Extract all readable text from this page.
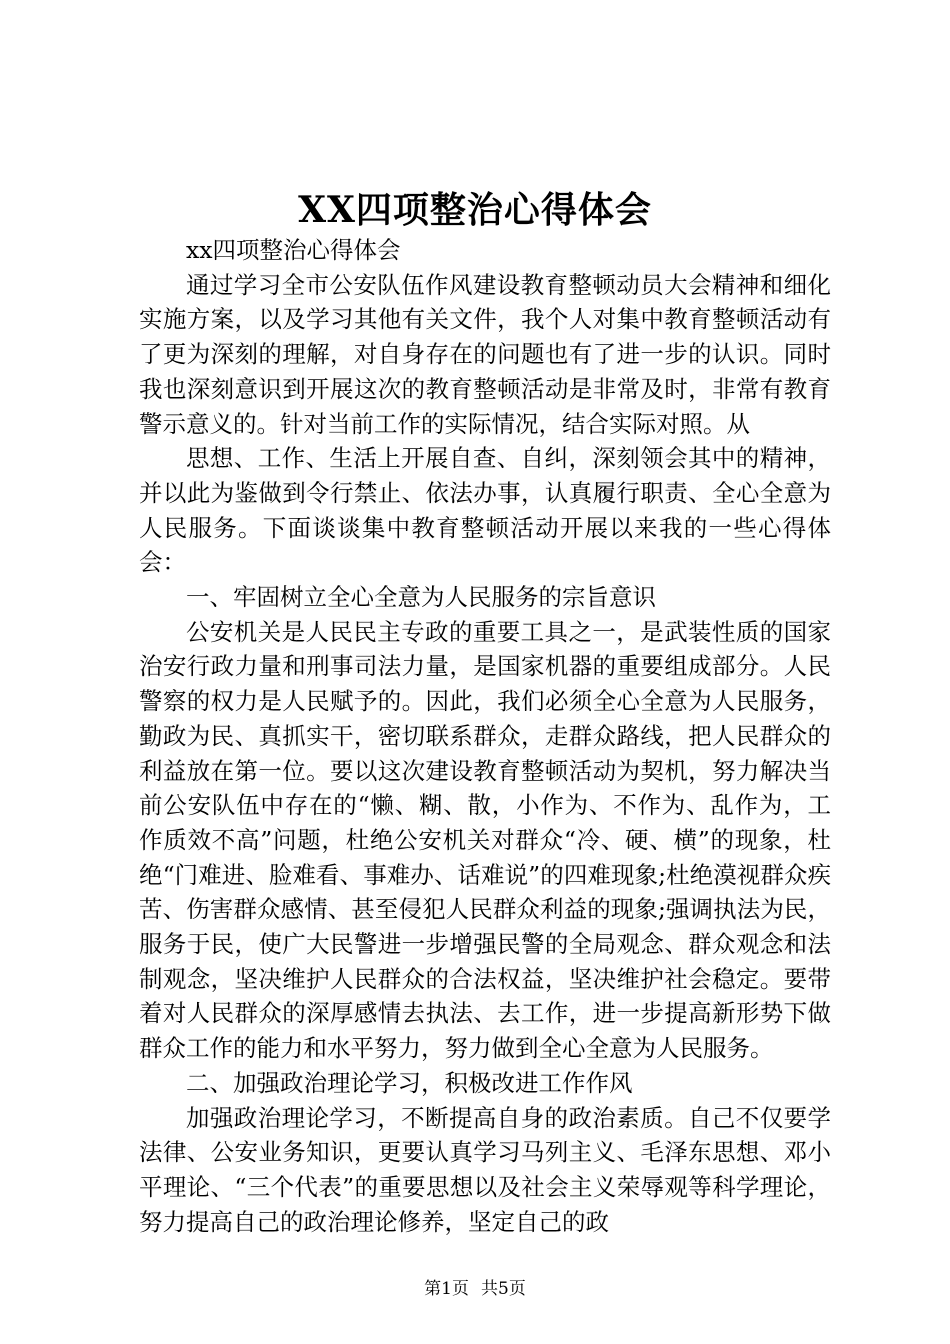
XX四项整治心得体会

xx四项整治心得体会

通过学习全市公安队伍作风建设教育整顿动员大会精神和细化实施方案，以及学习其他有关文件，我个人对集中教育整顿活动有了更为深刻的理解，对自身存在的问题也有了进一步的认识。同时我也深刻意识到开展这次的教育整顿活动是非常及时，非常有教育警示意义的。针对当前工作的实际情况，结合实际对照。从

思想、工作、生活上开展自查、自纠，深刻领会其中的精神，并以此为鉴做到令行禁止、依法办事，认真履行职责、全心全意为人民服务。下面谈谈集中教育整顿活动开展以来我的一些心得体会：

一、牢固树立全心全意为人民服务的宗旨意识

公安机关是人民民主专政的重要工具之一，是武装性质的国家治安行政力量和刑事司法力量，是国家机器的重要组成部分。人民警察的权力是人民赋予的。因此，我们必须全心全意为人民服务，勤政为民、真抓实干，密切联系群众，走群众路线，把人民群众的利益放在第一位。要以这次建设教育整顿活动为契机，努力解决当前公安队伍中存在的“懒、糊、散，小作为、不作为、乱作为，工作质效不高”问题，杜绝公安机关对群众“冷、硬、横”的现象，杜绝“门难进、脸难看、事难办、话难说”的四难现象;杜绝漠视群众疾苦、伤害群众感情、甚至侵犯人民群众利益的现象;强调执法为民，服务于民，使广大民警进一步增强民警的全局观念、群众观念和法制观念，坚决维护人民群众的合法权益，坚决维护社会稳定。要带着对人民群众的深厚感情去执法、去工作，进一步提高新形势下做群众工作的能力和水平努力，努力做到全心全意为人民服务。

二、加强政治理论学习，积极改进工作作风

加强政治理论学习，不断提高自身的政治素质。自己不仅要学法律、公安业务知识，更要认真学习马列主义、毛泽东思想、邓小平理论、“三个代表”的重要思想以及社会主义荣辱观等科学理论，努力提高自己的政治理论修养，坚定自己的政

第1页 共5页
